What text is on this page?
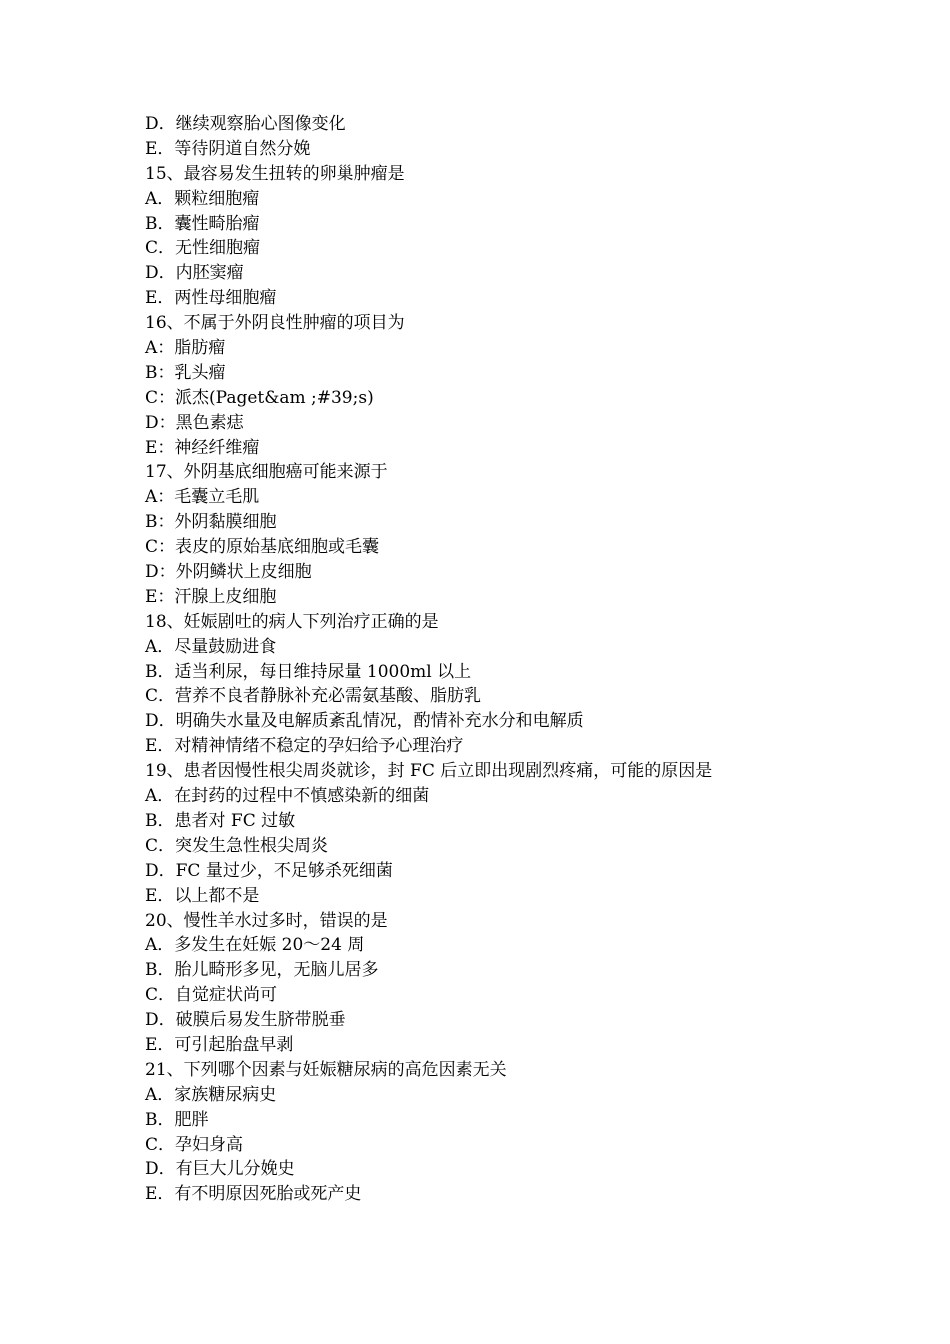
D．继续观察胎心图像变化
E．等待阴道自然分娩
15、最容易发生扭转的卵巢肿瘤是
A．颗粒细胞瘤
B．囊性畸胎瘤
C．无性细胞瘤
D．内胚窦瘤
E．两性母细胞瘤
16、不属于外阴良性肿瘤的项目为
A：脂肪瘤
B：乳头瘤
C：派杰(Paget&am ;#39;s)
D：黑色素痣
E：神经纤维瘤
17、外阴基底细胞癌可能来源于
A：毛囊立毛肌
B：外阴黏膜细胞
C：表皮的原始基底细胞或毛囊
D：外阴鳞状上皮细胞
E：汗腺上皮细胞
18、妊娠剧吐的病人下列治疗正确的是
A．尽量鼓励进食
B．适当利尿，每日维持尿量 1000ml 以上
C．营养不良者静脉补充必需氨基酸、脂肪乳
D．明确失水量及电解质紊乱情况，酌情补充水分和电解质
E．对精神情绪不稳定的孕妇给予心理治疗
19、患者因慢性根尖周炎就诊，封 FC 后立即出现剧烈疼痛，可能的原因是
A．在封药的过程中不慎感染新的细菌
B．患者对 FC 过敏
C．突发生急性根尖周炎
D．FC 量过少，不足够杀死细菌
E．以上都不是
20、慢性羊水过多时，错误的是
A．多发生在妊娠 20～24 周
B．胎儿畸形多见，无脑儿居多
C．自觉症状尚可
D．破膜后易发生脐带脱垂
E．可引起胎盘早剥
21、下列哪个因素与妊娠糖尿病的高危因素无关
A．家族糖尿病史
B．肥胖
C．孕妇身高
D．有巨大儿分娩史
E．有不明原因死胎或死产史
